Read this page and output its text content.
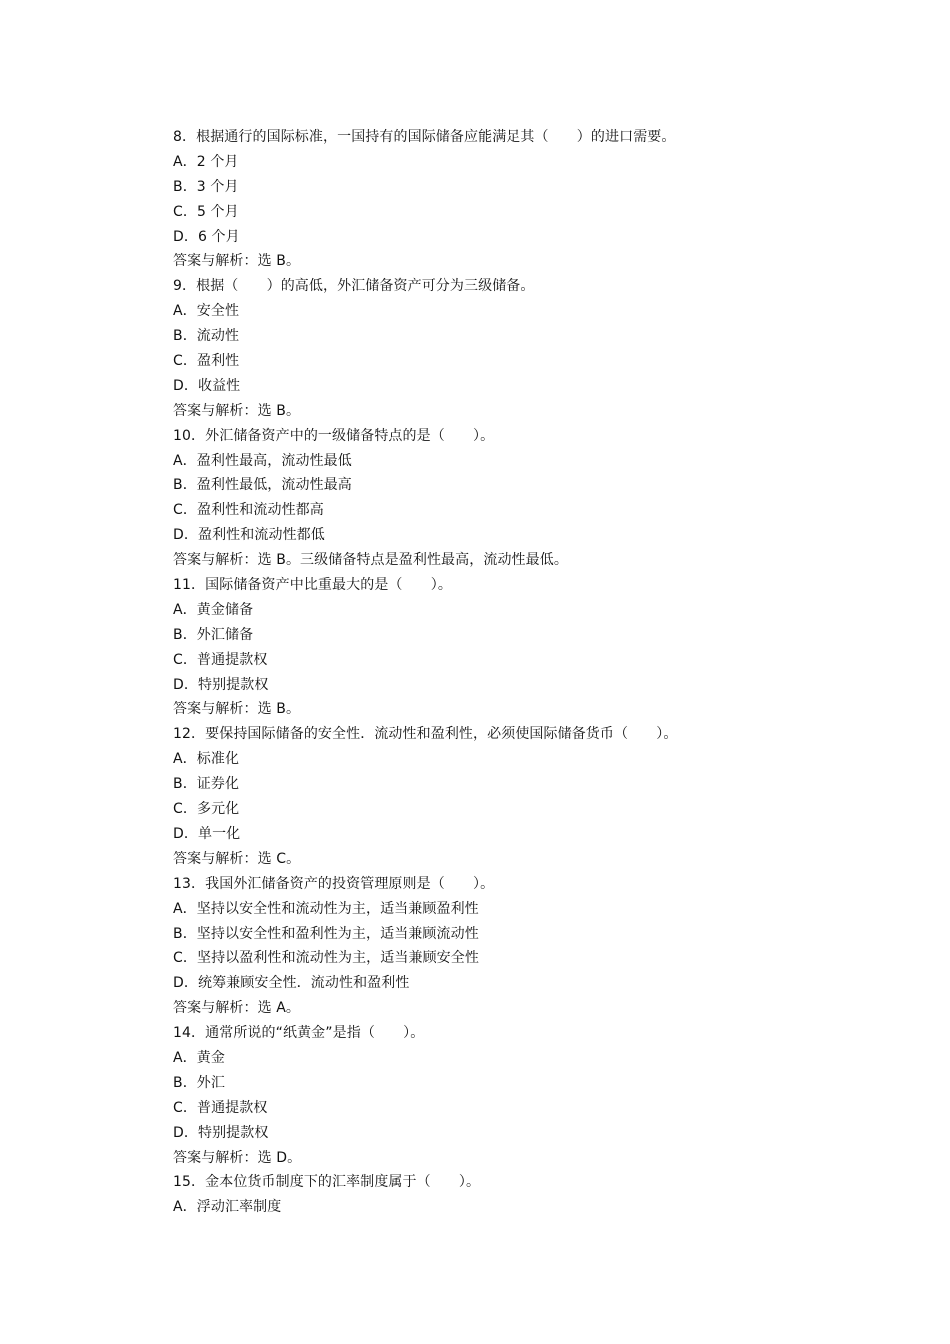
8．根据通行的国际标准，一国持有的国际储备应能满足其（　　）的进口需要。
A．2 个月
B．3 个月
C．5 个月
D．6 个月
答案与解析：选 B。
9．根据（　　）的高低，外汇储备资产可分为三级储备。
A．安全性
B．流动性
C．盈利性
D．收益性
答案与解析：选 B。
10．外汇储备资产中的一级储备特点的是（　　）。
A．盈利性最高，流动性最低
B．盈利性最低，流动性最高
C．盈利性和流动性都高
D．盈利性和流动性都低
答案与解析：选 B。三级储备特点是盈利性最高，流动性最低。
11．国际储备资产中比重最大的是（　　）。
A．黄金储备
B．外汇储备
C．普通提款权
D．特别提款权
答案与解析：选 B。
12．要保持国际储备的安全性．流动性和盈利性，必须使国际储备货币（　　）。
A．标准化
B．证券化
C．多元化
D．单一化
答案与解析：选 C。
13．我国外汇储备资产的投资管理原则是（　　）。
A．坚持以安全性和流动性为主，适当兼顾盈利性
B．坚持以安全性和盈利性为主，适当兼顾流动性
C．坚持以盈利性和流动性为主，适当兼顾安全性
D．统筹兼顾安全性．流动性和盈利性
答案与解析：选 A。
14．通常所说的“纸黄金”是指（　　）。
A．黄金
B．外汇
C．普通提款权
D．特别提款权
答案与解析：选 D。
15．金本位货币制度下的汇率制度属于（　　）。
A．浮动汇率制度
